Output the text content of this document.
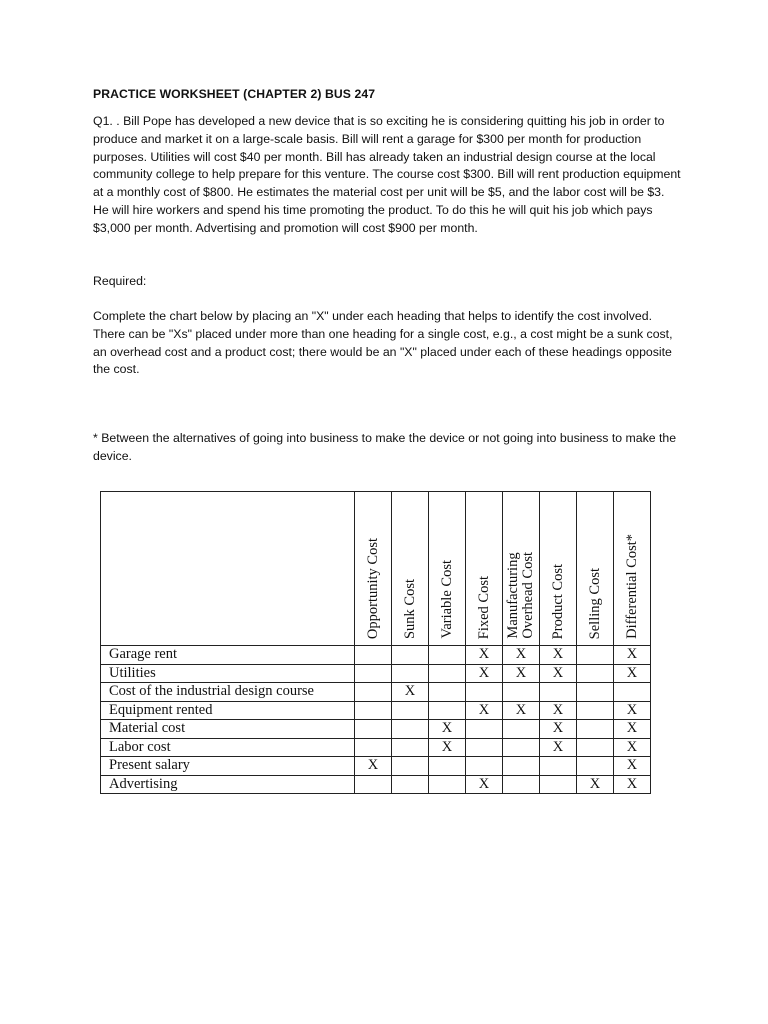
PRACTICE WORKSHEET (CHAPTER 2) BUS 247

Q1. . Bill Pope has developed a new device that is so exciting he is considering quitting his job in order to produce and market it on a large-scale basis. Bill will rent a garage for $300 per month for production purposes. Utilities will cost $40 per month. Bill has already taken an industrial design course at the local community college to help prepare for this venture. The course cost $300. Bill will rent production equipment at a monthly cost of $800. He estimates the material cost per unit will be $5, and the labor cost will be $3. He will hire workers and spend his time promoting the product. To do this he will quit his job which pays $3,000 per month. Advertising and promotion will cost $900 per month.

Required:

Complete the chart below by placing an "X" under each heading that helps to identify the cost involved. There can be "Xs" placed under more than one heading for a single cost, e.g., a cost might be a sunk cost, an overhead cost and a product cost; there would be an "X" placed under each of these headings opposite the cost.

* Between the alternatives of going into business to make the device or not going into business to make the device.

	Opportunity Cost	Sunk Cost	Variable Cost	Fixed Cost	Manufacturing
Overhead Cost	Product Cost	Selling Cost	Differential Cost*

Garage rent				X	X	X		X
Utilities				X	X	X		X
Cost of the industrial design course		X						
Equipment rented				X	X	X		X
Material cost			X			X		X
Labor cost			X			X		X
Present salary	X							X
Advertising				X			X	X
